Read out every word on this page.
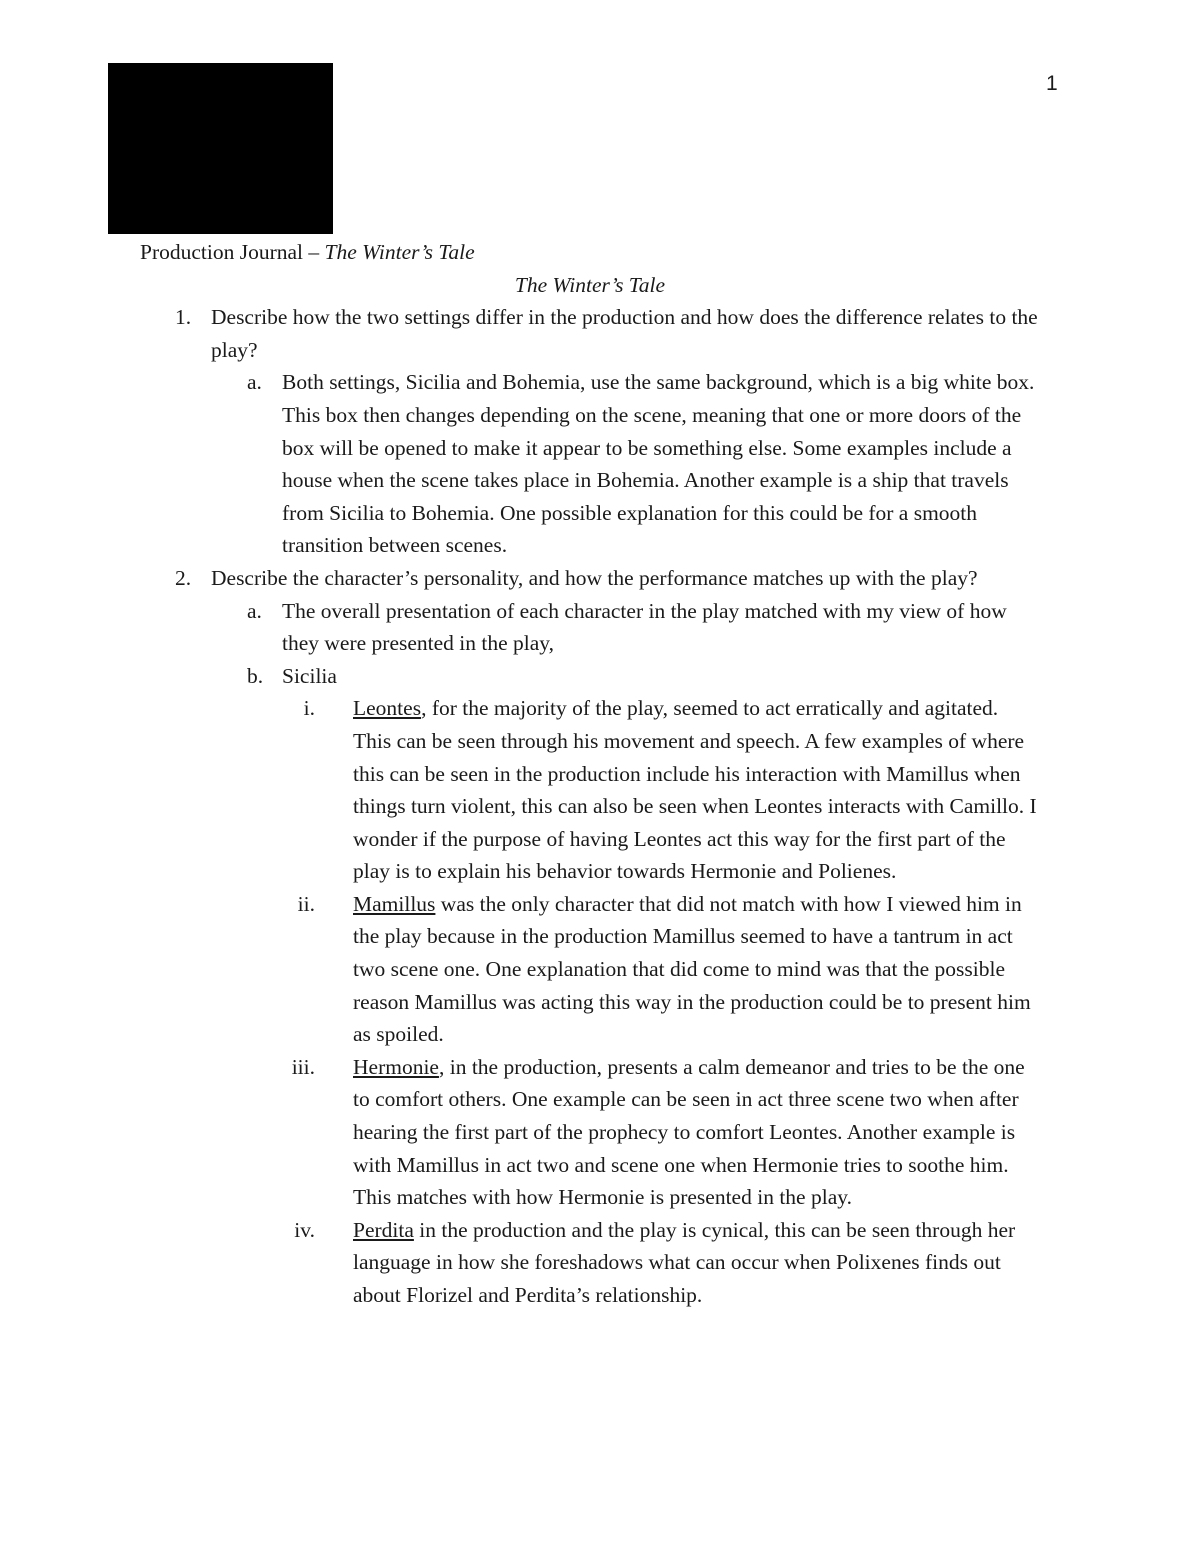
1

Production Journal – The Winter’s Tale

The Winter’s Tale

1. Describe how the two settings differ in the production and how does the difference relates to the play?
a. Both settings, Sicilia and Bohemia, use the same background, which is a big white box. This box then changes depending on the scene, meaning that one or more doors of the box will be opened to make it appear to be something else. Some examples include a house when the scene takes place in Bohemia. Another example is a ship that travels from Sicilia to Bohemia. One possible explanation for this could be for a smooth transition between scenes.
2. Describe the character’s personality, and how the performance matches up with the play?
a. The overall presentation of each character in the play matched with my view of how they were presented in the play,
b. Sicilia
i. Leontes, for the majority of the play, seemed to act erratically and agitated. This can be seen through his movement and speech. A few examples of where this can be seen in the production include his interaction with Mamillus when things turn violent, this can also be seen when Leontes interacts with Camillo. I wonder if the purpose of having Leontes act this way for the first part of the play is to explain his behavior towards Hermonie and Polienes.
ii. Mamillus was the only character that did not match with how I viewed him in the play because in the production Mamillus seemed to have a tantrum in act two scene one. One explanation that did come to mind was that the possible reason Mamillus was acting this way in the production could be to present him as spoiled.
iii. Hermonie, in the production, presents a calm demeanor and tries to be the one to comfort others. One example can be seen in act three scene two when after hearing the first part of the prophecy to comfort Leontes. Another example is with Mamillus in act two and scene one when Hermonie tries to soothe him. This matches with how Hermonie is presented in the play.
iv. Perdita in the production and the play is cynical, this can be seen through her language in how she foreshadows what can occur when Polixenes finds out about Florizel and Perdita’s relationship.
